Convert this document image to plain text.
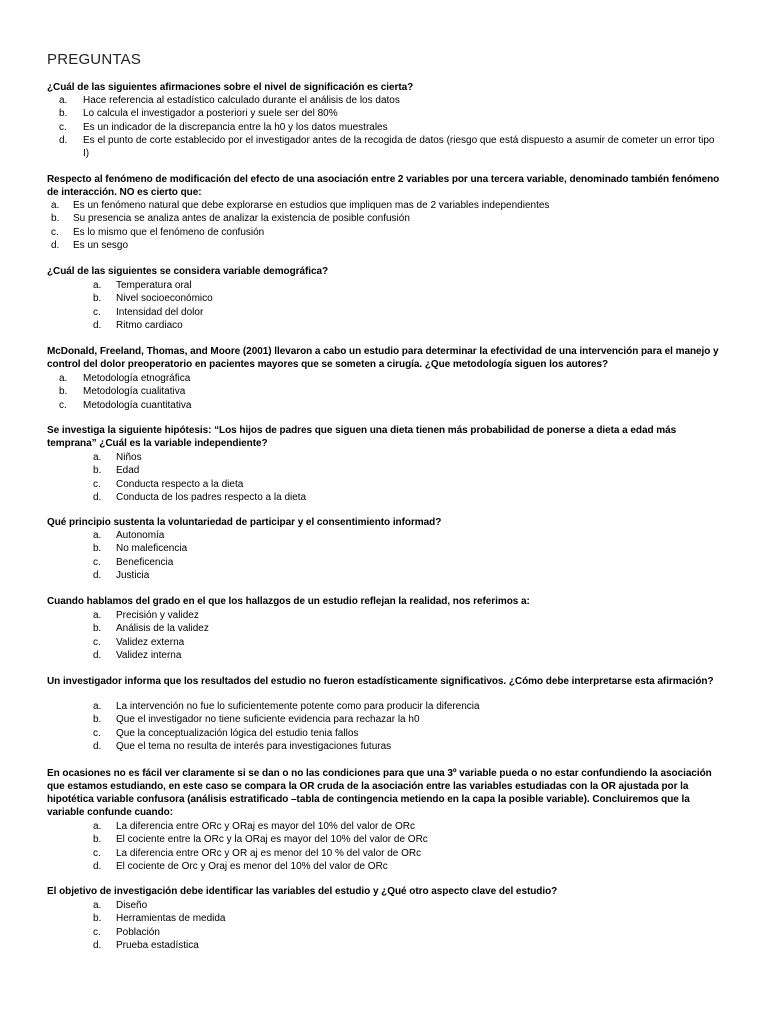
PREGUNTAS
¿Cuál de las siguientes afirmaciones sobre el nivel de significación es cierta?
a.	Hace referencia al estadístico calculado durante el análisis de los datos
b.	Lo calcula el investigador a posteriori y suele ser del 80%
c.	Es un indicador de la discrepancia entre la h0 y los datos muestrales
d.	Es el punto de corte establecido por el investigador antes de la recogida de datos (riesgo que está dispuesto a asumir de cometer un error tipo I)
Respecto al fenómeno de modificación del efecto de una asociación entre 2 variables por una tercera variable, denominado también fenómeno de interacción. NO es cierto que:
a.	Es un fenómeno natural que debe explorarse en estudios que impliquen mas de 2 variables independientes
b.	Su presencia se analiza antes de analizar la existencia de posible confusión
c.	Es lo mismo que el fenómeno de confusión
d.	Es un sesgo
¿Cuál de las siguientes se considera variable demográfica?
a.	Temperatura oral
b.	Nivel socioeconómico
c.	Intensidad del dolor
d.	Ritmo cardiaco
McDonald, Freeland, Thomas, and Moore (2001) llevaron a cabo un estudio para determinar la efectividad de una intervención para el manejo y control del dolor preoperatorio en pacientes mayores que se someten a cirugía. ¿Que metodología siguen los autores?
a.	Metodología etnográfica
b.	Metodología cualitativa
c.	Metodología cuantitativa
Se investiga la siguiente hipótesis: “Los hijos de padres que siguen una dieta tienen más probabilidad de ponerse a dieta a edad más temprana” ¿Cuál es la variable independiente?
a.	Niños
b.	Edad
c.	Conducta respecto a la dieta
d.	Conducta de los padres respecto a la dieta
Qué principio sustenta la voluntariedad de participar y el consentimiento informad?
a.	Autonomía
b.	No maleficencia
c.	Beneficencia
d.	Justicia
Cuando hablamos del grado en el que los hallazgos de un estudio reflejan la realidad, nos referimos a:
a.	Precisión y validez
b.	Análisis de la validez
c.	Validez externa
d.	Validez interna
Un investigador informa que los resultados del estudio no fueron estadísticamente significativos. ¿Cómo debe interpretarse esta afirmación?
a.	La intervención no fue lo suficientemente potente como para producir la diferencia
b.	Que el investigador no tiene suficiente evidencia para rechazar la h0
c.	Que la conceptualización lógica del estudio tenia fallos
d.	Que el tema no resulta de interés para investigaciones futuras
En ocasiones no es fácil ver claramente si se dan o no las condiciones para que una 3º variable pueda o no estar confundiendo la asociación que estamos estudiando, en este caso se compara la OR cruda de la asociación entre las variables estudiadas con la OR ajustada por la hipotética variable confusora (análisis estratificado –tabla de contingencia metiendo en la capa la posible variable). Concluiremos que la variable confunde cuando:
a.	La diferencia entre ORc y ORaj es mayor del 10% del valor de ORc
b.	El cociente entre la ORc y la ORaj es mayor del 10% del valor de ORc
c.	La diferencia entre ORc y OR aj es menor del 10 % del valor de ORc
d.	El cociente de Orc y Oraj es menor del 10% del valor de ORc
El objetivo de investigación debe identificar las variables del estudio y ¿Qué otro aspecto clave del estudio?
a.	Diseño
b.	Herramientas de medida
c.	Población
d.	Prueba estadística
